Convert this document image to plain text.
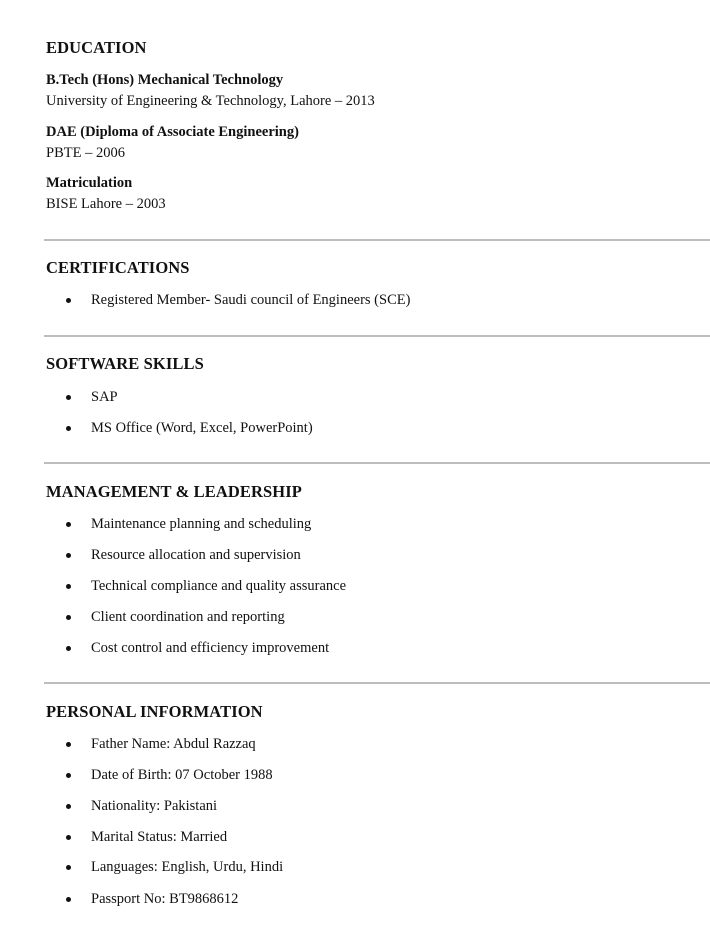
EDUCATION
B.Tech (Hons) Mechanical Technology
University of Engineering & Technology, Lahore – 2013
DAE (Diploma of Associate Engineering)
PBTE – 2006
Matriculation
BISE Lahore – 2003
CERTIFICATIONS
Registered Member- Saudi council of Engineers (SCE)
SOFTWARE SKILLS
SAP
MS Office (Word, Excel, PowerPoint)
MANAGEMENT & LEADERSHIP
Maintenance planning and scheduling
Resource allocation and supervision
Technical compliance and quality assurance
Client coordination and reporting
Cost control and efficiency improvement
PERSONAL INFORMATION
Father Name: Abdul Razzaq
Date of Birth: 07 October 1988
Nationality: Pakistani
Marital Status: Married
Languages: English, Urdu, Hindi
Passport No: BT9868612
